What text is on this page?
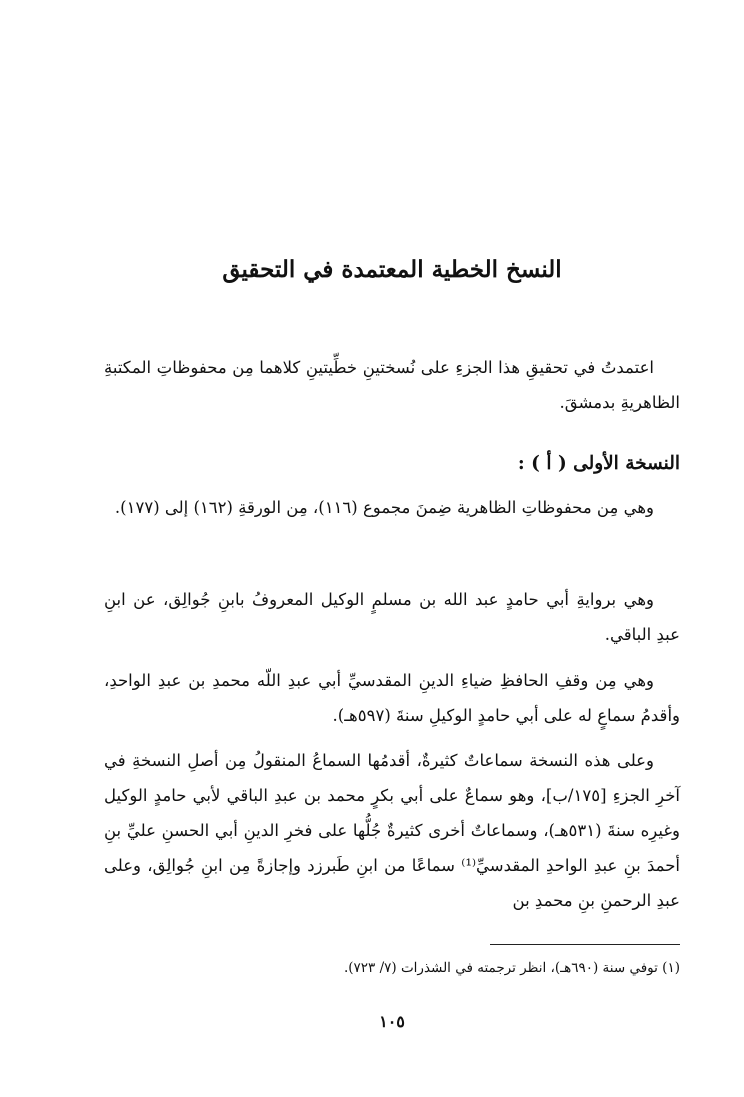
النسخ الخطية المعتمدة في التحقيق

اعتمدتُ في تحقيقِ هذا الجزءِ على نُسختينِ خطِّيتينِ كلاهما مِن محفوظاتِ المكتبةِ الظاهريةِ بدمشقَ.

النسخة الأولى ( أ ) :

وهي مِن محفوظاتِ الظاهرية ضِمنَ مجموع (١١٦)، مِن الورقةِ (١٦٢) إلى (١٧٧).

وهي بروايةِ أبي حامدٍ عبد الله بن مسلمٍ الوكيل المعروفُ بابنِ جُوالِق، عن ابنِ عبدِ الباقي.

وهي مِن وقفِ الحافظِ ضياءِ الدينِ المقدسيِّ أبي عبدِ اللّه محمدِ بن عبدِ الواحدِ، وأقدمُ سماعٍ له على أبي حامدٍ الوكيلِ سنةَ (٥٩٧هـ).

وعلى هذه النسخة سماعاتٌ كثيرةٌ، أقدمُها السماعُ المنقولُ مِن أصلِ النسخةِ في آخرِ الجزءِ [١٧٥/ب]، وهو سماعٌ على أبي بكرٍ محمد بن عبدِ الباقي لأبي حامدٍ الوكيل وغيرِه سنةَ (٥٣١هـ)، وسماعاتٌ أخرى كثيرةٌ جُلُّها على فخرِ الدينِ أبي الحسنِ عليِّ بنِ أحمدَ بنِ عبدِ الواحدِ المقدسيِّ⁽¹⁾ سماعًا من ابنِ طَبرزد وإجازةً مِن ابنِ جُوالِق، وعلى عبدِ الرحمنِ بنِ محمدِ بن

(١) توفي سنة (٦٩٠هـ)، انظر ترجمته في الشذرات (٧/ ٧٢٣).

١٠٥
